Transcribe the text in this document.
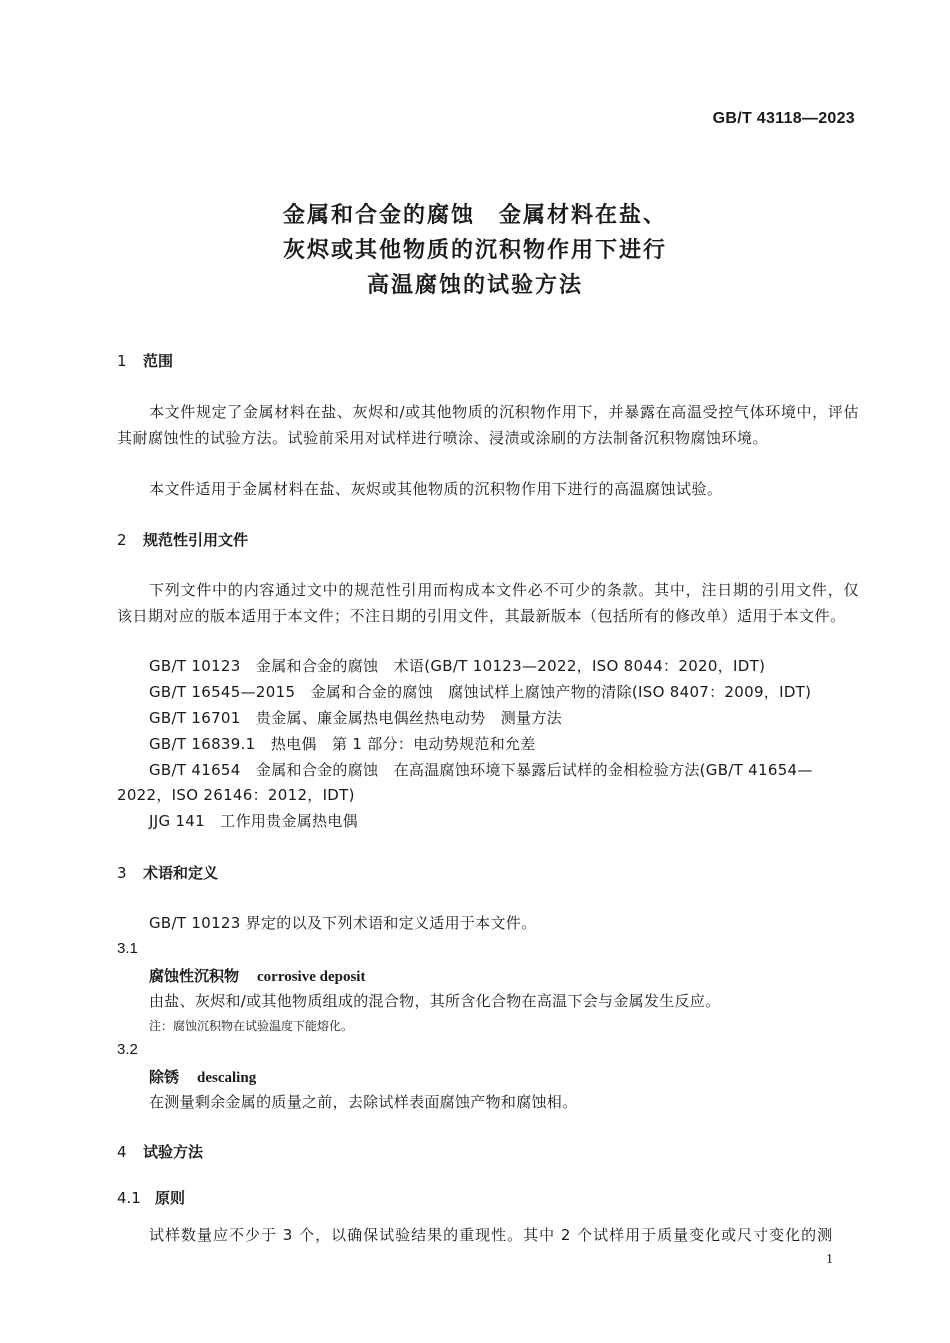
GB/T 43118—2023
金属和合金的腐蚀　金属材料在盐、
灰烬或其他物质的沉积物作用下进行
高温腐蚀的试验方法
1 范围
本文件规定了金属材料在盐、灰烬和/或其他物质的沉积物作用下，并暴露在高温受控气体环境中，评估其耐腐蚀性的试验方法。试验前采用对试样进行喷涂、浸渍或涂刷的方法制备沉积物腐蚀环境。
本文件适用于金属材料在盐、灰烬或其他物质的沉积物作用下进行的高温腐蚀试验。
2 规范性引用文件
下列文件中的内容通过文中的规范性引用而构成本文件必不可少的条款。其中，注日期的引用文件，仅该日期对应的版本适用于本文件；不注日期的引用文件，其最新版本（包括所有的修改单）适用于本文件。
GB/T 10123　金属和合金的腐蚀　术语(GB/T 10123—2022，ISO 8044：2020，IDT)
GB/T 16545—2015　金属和合金的腐蚀　腐蚀试样上腐蚀产物的清除(ISO 8407：2009，IDT)
GB/T 16701　贵金属、廉金属热电偶丝热电动势　测量方法
GB/T 16839.1　热电偶　第 1 部分：电动势规范和允差
GB/T 41654　金属和合金的腐蚀　在高温腐蚀环境下暴露后试样的金相检验方法(GB/T 41654—
2022，ISO 26146：2012，IDT)
JJG 141　工作用贵金属热电偶
3 术语和定义
GB/T 10123 界定的以及下列术语和定义适用于本文件。
3.1
腐蚀性沉积物 corrosive deposit
由盐、灰烬和/或其他物质组成的混合物，其所含化合物在高温下会与金属发生反应。
注：腐蚀沉积物在试验温度下能熔化。
3.2
除锈 descaling
在测量剩余金属的质量之前，去除试样表面腐蚀产物和腐蚀相。
4 试验方法
4.1 原则
试样数量应不少于 3 个，以确保试验结果的重现性。其中 2 个试样用于质量变化或尺寸变化的测
1
